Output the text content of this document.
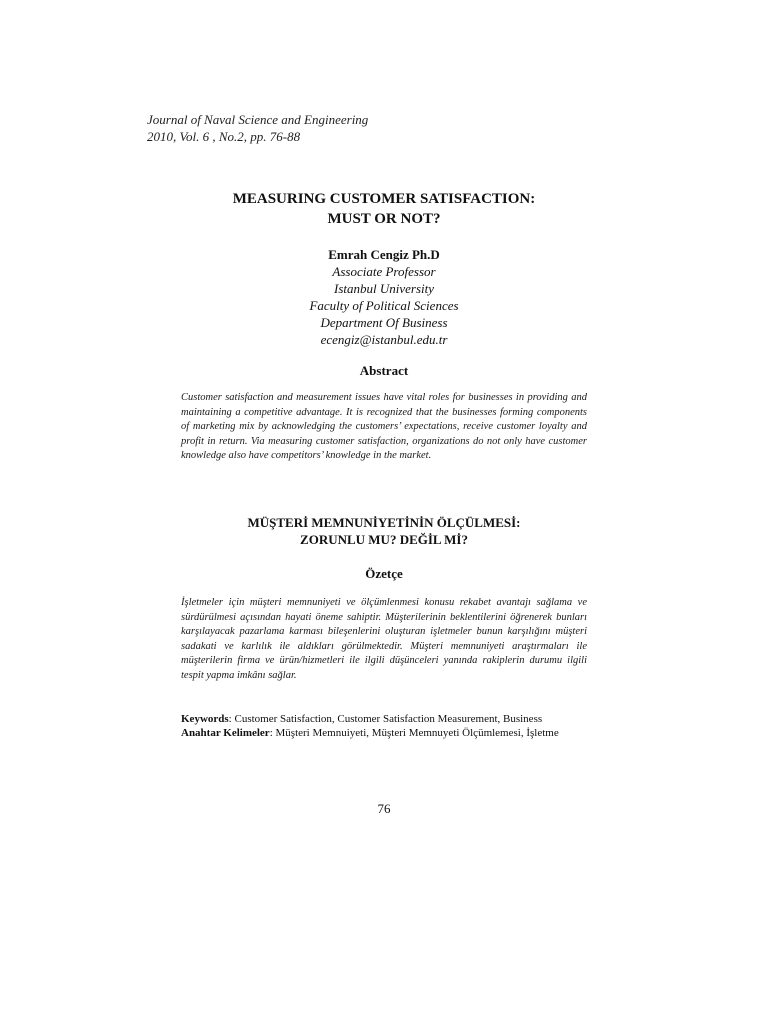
Journal of Naval Science and Engineering
2010, Vol. 6 , No.2, pp. 76-88
MEASURING CUSTOMER SATISFACTION:
MUST OR NOT?
Emrah Cengiz Ph.D
Associate Professor
Istanbul University
Faculty of Political Sciences
Department Of Business
ecengiz@istanbul.edu.tr
Abstract
Customer satisfaction and measurement issues have vital roles for businesses in providing and maintaining a competitive advantage. It is recognized that the businesses forming components of marketing mix by acknowledging the customers’ expectations, receive customer loyalty and profit in return. Via measuring customer satisfaction, organizations do not only have customer knowledge also have competitors’ knowledge in the market.
MÜŞTERİ MEMNUNİYETİNİN ÖLÇÜLMESİ:
ZORUNLU MU? DEĞİL Mİ?
Özetçe
İşletmeler için müşteri memnuniyeti ve ölçümlenmesi konusu rekabet avantajı sağlama ve sürdürülmesi açısından hayati öneme sahiptir. Müşterilerinin beklentilerini öğrenerek bunları karşılayacak pazarlama karması bileşenlerini oluşturan işletmeler bunun karşılığını müşteri sadakati ve karlılık ile aldıkları görülmektedir. Müşteri memnuniyeti araştırmaları ile müşterilerin firma ve ürün/hizmetleri ile ilgili düşünceleri yanında rakiplerin durumu ilgili tespit yapma imkânı sağlar.
Keywords: Customer Satisfaction, Customer Satisfaction Measurement, Business
Anahtar Kelimeler: Müşteri Memnuiyeti, Müşteri Memnuyeti Ölçümlemesi, İşletme
76
